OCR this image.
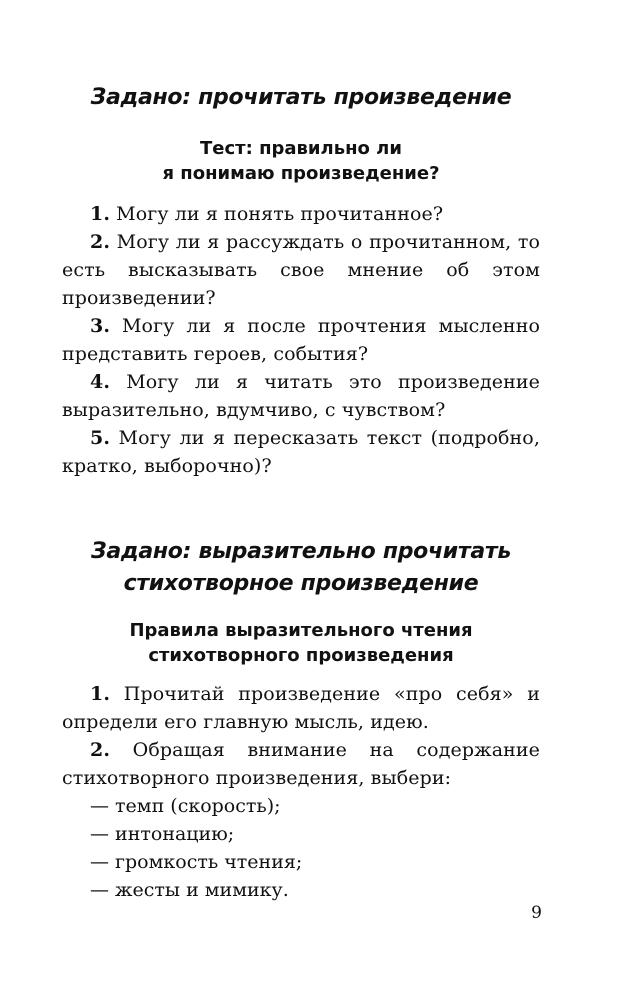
Задано: прочитать произведение

Тест: правильно ли

я понимаю произведение?

1. Могу ли я понять прочитанное?

2. Могу ли я рассуждать о прочитанном, то есть высказывать свое мнение об этом произведении?

3. Могу ли я после прочтения мысленно представить героев, события?

4. Могу ли я читать это произведение выразительно, вдумчиво, с чувством?

5. Могу ли я пересказать текст (подробно, кратко, выборочно)?

Задано: выразительно прочитать

стихотворное произведение

Правила выразительного чтения

стихотворного произведения

1. Прочитай произведение «про себя» и определи его главную мысль, идею.

2. Обращая внимание на содержание стихотворного произведения, выбери:

— темп (скорость);

— интонацию;

— громкость чтения;

— жесты и мимику.

9
